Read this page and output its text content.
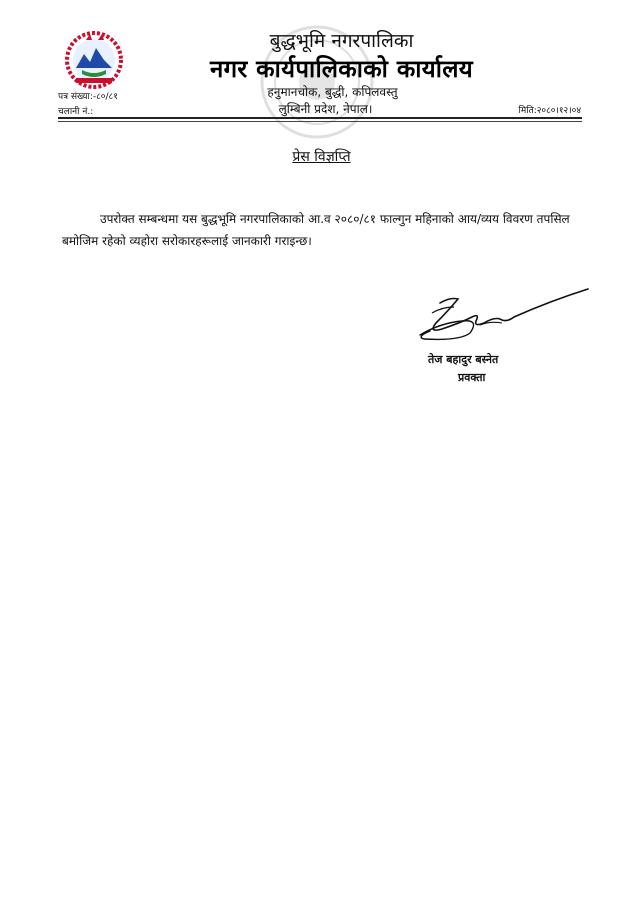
बुद्धभूमि नगरपालिका
नगर कार्यपालिकाको कार्यालय
हनुमानचोक, बुद्धी, कपिलवस्तु
लुम्बिनी प्रदेश, नेपाल।
पत्र संख्या:-८०/८१
चलानी नं.:	मिति:२०८०।१२।०४
प्रेस विज्ञप्ति
उपरोक्त सम्बन्धमा यस बुद्धभूमि नगरपालिकाको आ.व २०८०/८१ फाल्गुन महिनाको आय/व्यय विवरण तपसिल बमोजिम रहेको व्यहोरा सरोकारहरूलाई जानकारी गराइन्छ।
तेज बहादुर बस्नेत
प्रवक्ता
